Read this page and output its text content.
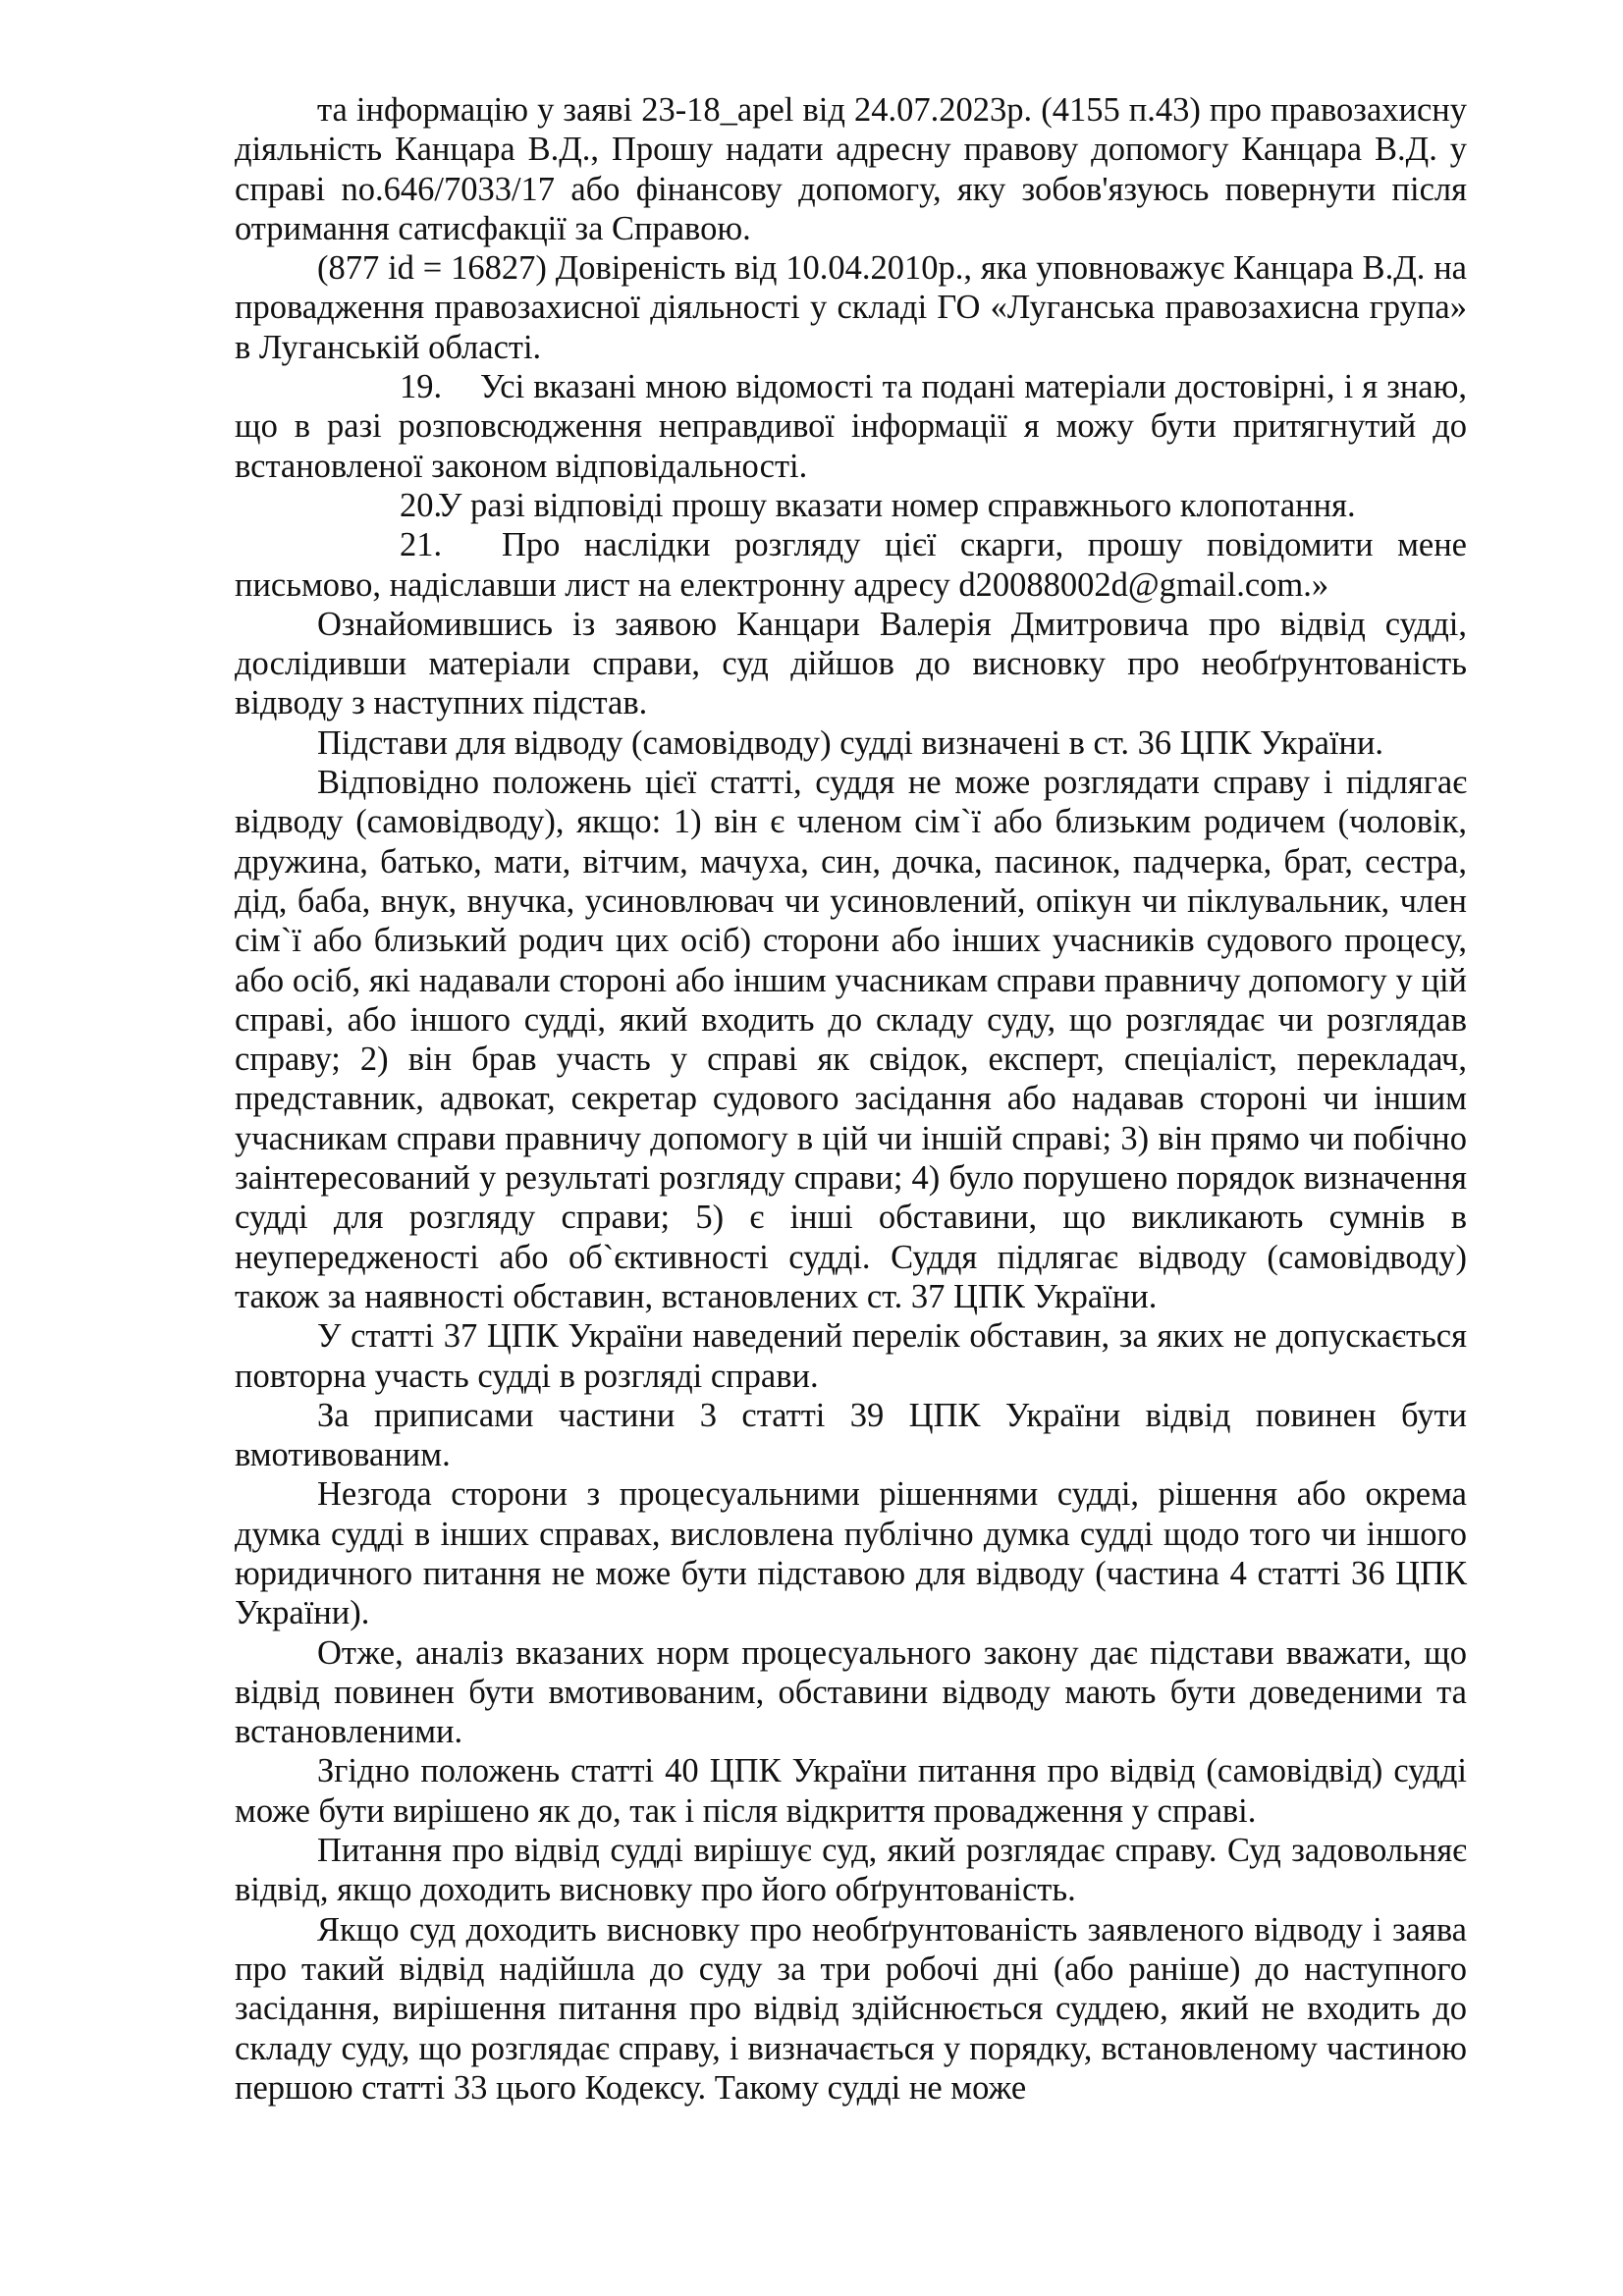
та інформацію у заяві 23-18_apel від 24.07.2023р. (4155 п.43) про правозахисну діяльність Канцара В.Д., Прошу надати адресну правову допомогу Канцара В.Д. у справі no.646/7033/17 або фінансову допомогу, яку зобов'язуюсь повернути після отримання сатисфакції за Справою.

(877 id = 16827) Довіреність від 10.04.2010р., яка уповноважує Канцара В.Д. на провадження правозахисної діяльності у складі ГО «Луганська правозахисна група» в Луганській області.

19. Усі вказані мною відомості та подані матеріали достовірні, і я знаю, що в разі розповсюдження неправдивої інформації я можу бути притягнутий до встановленої законом відповідальності.

20.У разі відповіді прошу вказати номер справжнього клопотання.

21. Про наслідки розгляду цієї скарги, прошу повідомити мене письмово, надіславши лист на електронну адресу d20088002d@gmail.com.»

Ознайомившись із заявою Канцари Валерія Дмитровича про відвід судді, дослідивши матеріали справи, суд дійшов до висновку про необґрунтованість відводу з наступних підстав.

Підстави для відводу (самовідводу) судді визначені в ст. 36 ЦПК України.

Відповідно положень цієї статті, суддя не може розглядати справу і підлягає відводу (самовідводу), якщо: 1) він є членом сім`ї або близьким родичем (чоловік, дружина, батько, мати, вітчим, мачуха, син, дочка, пасинок, падчерка, брат, сестра, дід, баба, внук, внучка, усиновлювач чи усиновлений, опікун чи піклувальник, член сім`ї або близький родич цих осіб) сторони або інших учасників судового процесу, або осіб, які надавали стороні або іншим учасникам справи правничу допомогу у цій справі, або іншого судді, який входить до складу суду, що розглядає чи розглядав справу; 2) він брав участь у справі як свідок, експерт, спеціаліст, перекладач, представник, адвокат, секретар судового засідання або надавав стороні чи іншим учасникам справи правничу допомогу в цій чи іншій справі; 3) він прямо чи побічно заінтересований у результаті розгляду справи; 4) було порушено порядок визначення судді для розгляду справи; 5) є інші обставини, що викликають сумнів в неупередженості або об`єктивності судді. Суддя підлягає відводу (самовідводу) також за наявності обставин, встановлених ст. 37 ЦПК України.

У статті 37 ЦПК України наведений перелік обставин, за яких не допускається повторна участь судді в розгляді справи.

За приписами частини 3 статті 39 ЦПК України відвід повинен бути вмотивованим.

Незгода сторони з процесуальними рішеннями судді, рішення або окрема думка судді в інших справах, висловлена публічно думка судді щодо того чи іншого юридичного питання не може бути підставою для відводу (частина 4 статті 36 ЦПК України).

Отже, аналіз вказаних норм процесуального закону дає підстави вважати, що відвід повинен бути вмотивованим, обставини відводу мають бути доведеними та встановленими.

Згідно положень статті 40 ЦПК України питання про відвід (самовідвід) судді може бути вирішено як до, так і після відкриття провадження у справі.

Питання про відвід судді вирішує суд, який розглядає справу. Суд задовольняє відвід, якщо доходить висновку про його обґрунтованість.

Якщо суд доходить висновку про необґрунтованість заявленого відводу і заява про такий відвід надійшла до суду за три робочі дні (або раніше) до наступного засідання, вирішення питання про відвід здійснюється суддею, який не входить до складу суду, що розглядає справу, і визначається у порядку, встановленому частиною першою статті 33 цього Кодексу. Такому судді не може
